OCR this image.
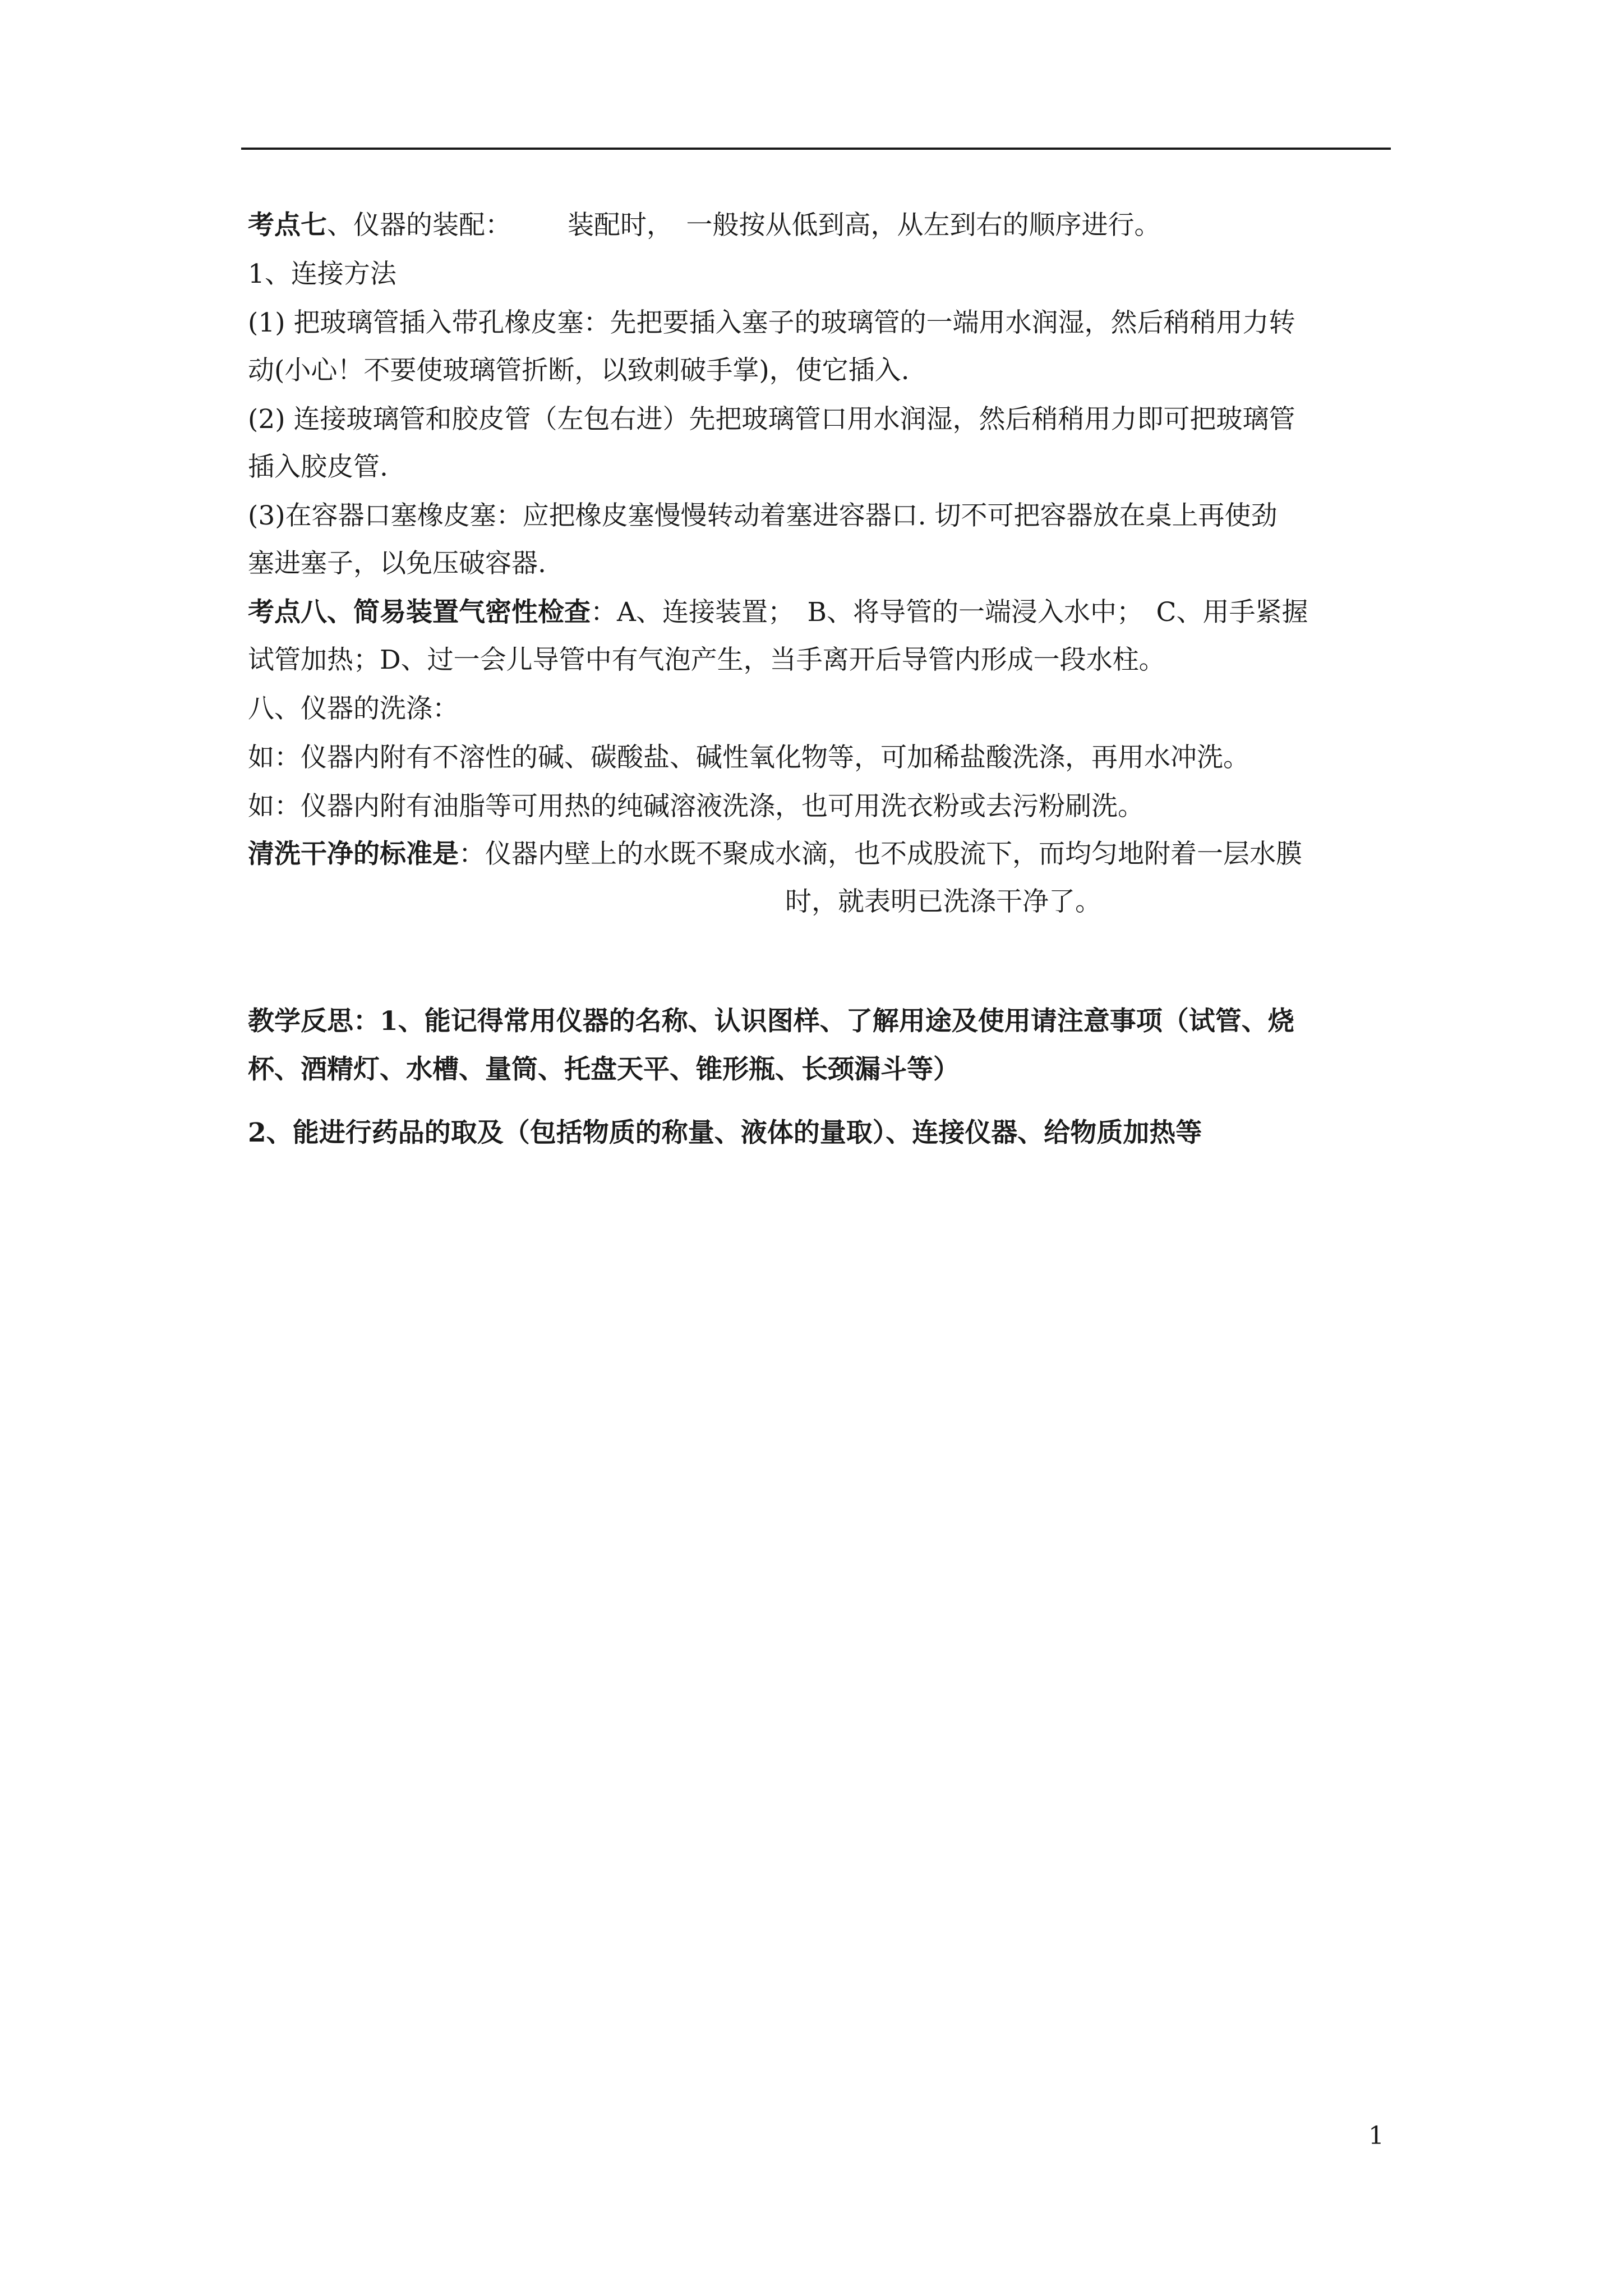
考点七、仪器的装配： 装配时，　一般按从低到高，从左到右的顺序进行。
1、连接方法
(1) 把玻璃管插入带孔橡皮塞：先把要插入塞子的玻璃管的一端用水润湿，然后稍稍用力转
动(小心！不要使玻璃管折断，以致刺破手掌)，使它插入.
(2) 连接玻璃管和胶皮管（左包右进）先把玻璃管口用水润湿，然后稍稍用力即可把玻璃管
插入胶皮管.
(3)在容器口塞橡皮塞：应把橡皮塞慢慢转动着塞进容器口. 切不可把容器放在桌上再使劲
塞进塞子，以免压破容器.
考点八、简易装置气密性检查：A、连接装置；　B、将导管的一端浸入水中；　C、用手紧握
试管加热；D、过一会儿导管中有气泡产生，当手离开后导管内形成一段水柱。
八、仪器的洗涤：
如：仪器内附有不溶性的碱、碳酸盐、碱性氧化物等，可加稀盐酸洗涤，再用水冲洗。
如：仪器内附有油脂等可用热的纯碱溶液洗涤，也可用洗衣粉或去污粉刷洗。
清洗干净的标准是：仪器内壁上的水既不聚成水滴，也不成股流下，而均匀地附着一层水膜
时，就表明已洗涤干净了。
教学反思：1、能记得常用仪器的名称、认识图样、了解用途及使用请注意事项（试管、烧
杯、酒精灯、水槽、量筒、托盘天平、锥形瓶、长颈漏斗等）
2、能进行药品的取及（包括物质的称量、液体的量取）、连接仪器、给物质加热等
1
